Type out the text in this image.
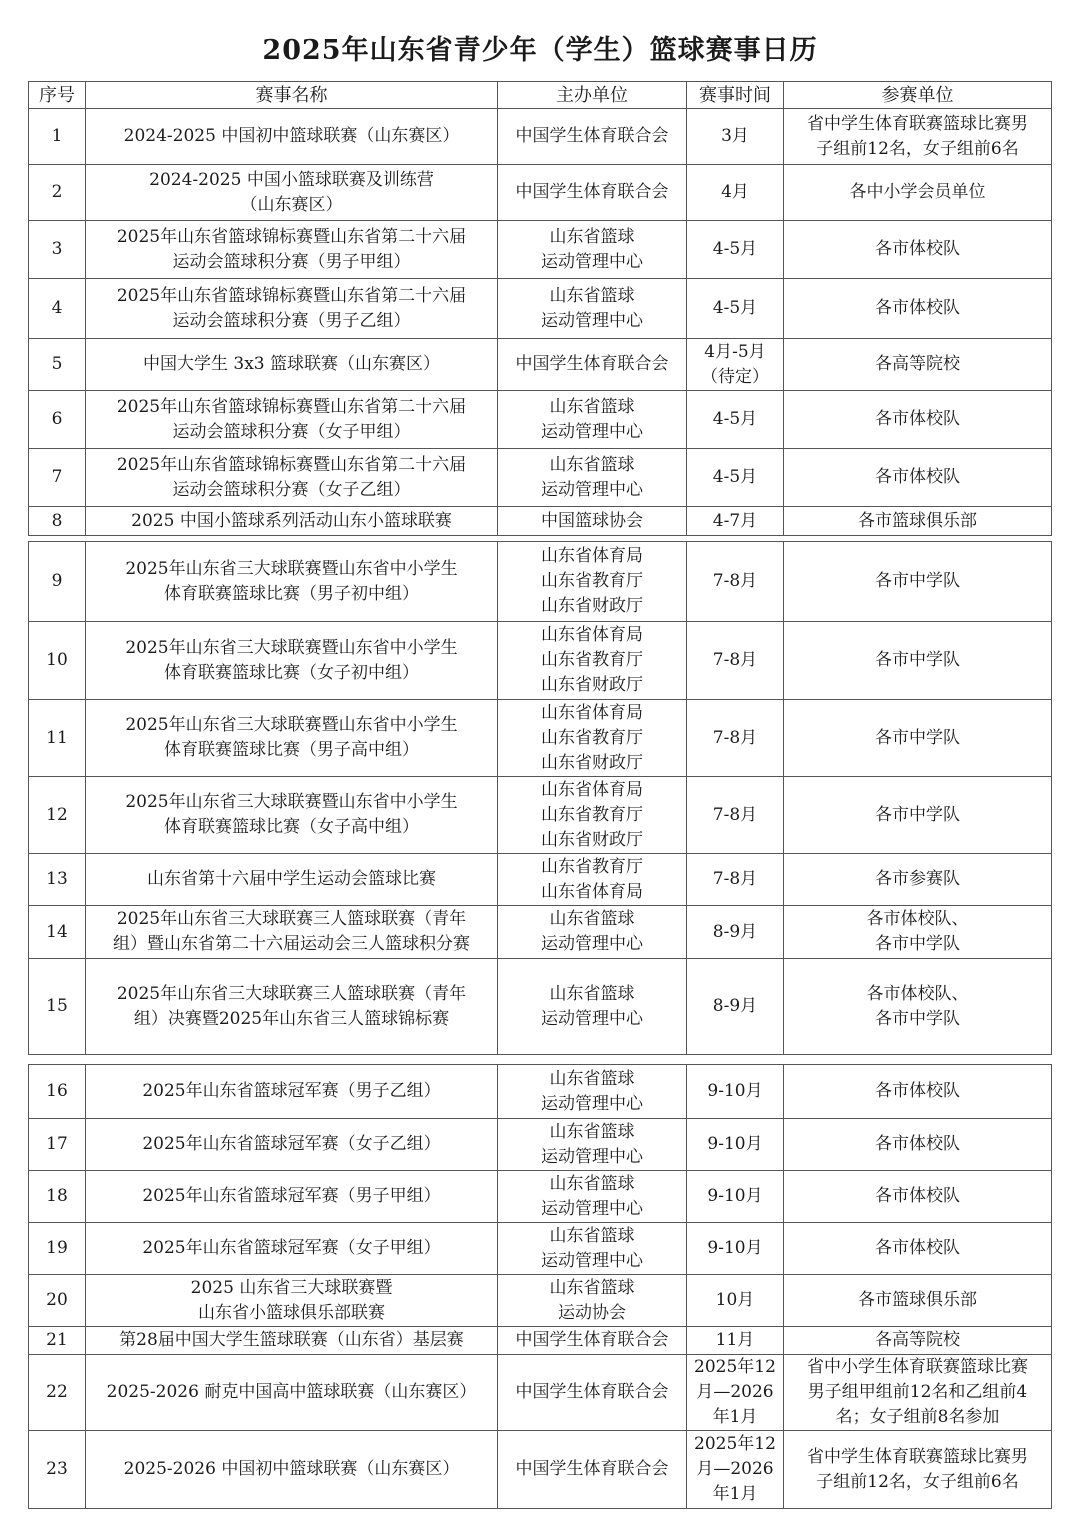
2025年山东省青少年（学生）篮球赛事日历
序号	赛事名称	主办单位	赛事时间	参赛单位
1	2024-2025 中国初中篮球联赛（山东赛区）	中国学生体育联合会	3月	省中学生体育联赛篮球比赛男
子组前12名，女子组前6名
2	2024-2025 中国小篮球联赛及训练营
（山东赛区）	中国学生体育联合会	4月	各中小学会员单位
3	2025年山东省篮球锦标赛暨山东省第二十六届
运动会篮球积分赛（男子甲组）	山东省篮球
运动管理中心	4-5月	各市体校队
4	2025年山东省篮球锦标赛暨山东省第二十六届
运动会篮球积分赛（男子乙组）	山东省篮球
运动管理中心	4-5月	各市体校队
5	中国大学生 3x3 篮球联赛（山东赛区）	中国学生体育联合会	4月-5月
（待定）	各高等院校
6	2025年山东省篮球锦标赛暨山东省第二十六届
运动会篮球积分赛（女子甲组）	山东省篮球
运动管理中心	4-5月	各市体校队
7	2025年山东省篮球锦标赛暨山东省第二十六届
运动会篮球积分赛（女子乙组）	山东省篮球
运动管理中心	4-5月	各市体校队
8	2025 中国小篮球系列活动山东小篮球联赛	中国篮球协会	4-7月	各市篮球俱乐部
9	2025年山东省三大球联赛暨山东省中小学生
体育联赛篮球比赛（男子初中组）	山东省体育局
山东省教育厅
山东省财政厅	7-8月	各市中学队
10	2025年山东省三大球联赛暨山东省中小学生
体育联赛篮球比赛（女子初中组）	山东省体育局
山东省教育厅
山东省财政厅	7-8月	各市中学队
11	2025年山东省三大球联赛暨山东省中小学生
体育联赛篮球比赛（男子高中组）	山东省体育局
山东省教育厅
山东省财政厅	7-8月	各市中学队
12	2025年山东省三大球联赛暨山东省中小学生
体育联赛篮球比赛（女子高中组）	山东省体育局
山东省教育厅
山东省财政厅	7-8月	各市中学队
13	山东省第十六届中学生运动会篮球比赛	山东省教育厅
山东省体育局	7-8月	各市参赛队
14	2025年山东省三大球联赛三人篮球联赛（青年
组）暨山东省第二十六届运动会三人篮球积分赛	山东省篮球
运动管理中心	8-9月	各市体校队、
各市中学队
15	2025年山东省三大球联赛三人篮球联赛（青年
组）决赛暨2025年山东省三人篮球锦标赛	山东省篮球
运动管理中心	8-9月	各市体校队、
各市中学队
16	2025年山东省篮球冠军赛（男子乙组）	山东省篮球
运动管理中心	9-10月	各市体校队
17	2025年山东省篮球冠军赛（女子乙组）	山东省篮球
运动管理中心	9-10月	各市体校队
18	2025年山东省篮球冠军赛（男子甲组）	山东省篮球
运动管理中心	9-10月	各市体校队
19	2025年山东省篮球冠军赛（女子甲组）	山东省篮球
运动管理中心	9-10月	各市体校队
20	2025 山东省三大球联赛暨
山东省小篮球俱乐部联赛	山东省篮球
运动协会	10月	各市篮球俱乐部
21	第28届中国大学生篮球联赛（山东省）基层赛	中国学生体育联合会	11月	各高等院校
22	2025-2026 耐克中国高中篮球联赛（山东赛区）	中国学生体育联合会	2025年12
月—2026
年1月	省中小学生体育联赛篮球比赛
男子组甲组前12名和乙组前4
名；女子组前8名参加
23	2025-2026 中国初中篮球联赛（山东赛区）	中国学生体育联合会	2025年12
月—2026
年1月	省中学生体育联赛篮球比赛男
子组前12名，女子组前6名
